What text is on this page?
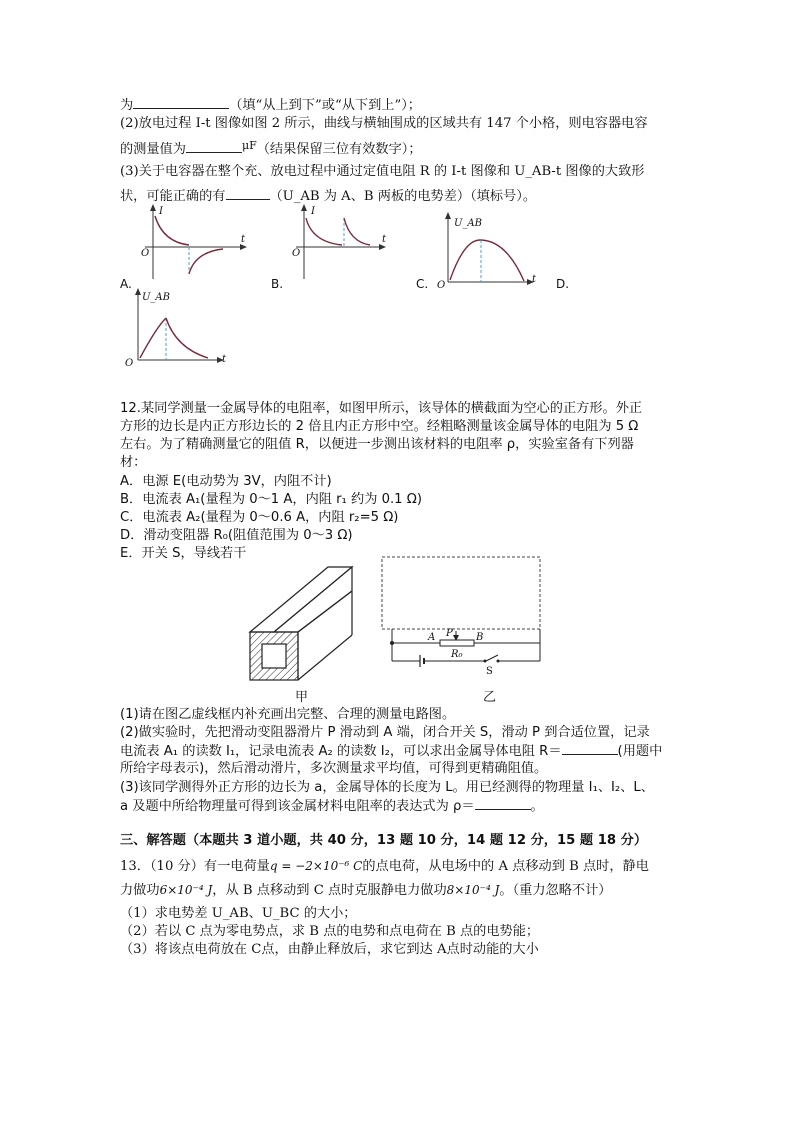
为	（填“从上到下”或“从下到上”）；
(2)放电过程 I-t 图像如图 2 所示，曲线与横轴围成的区域共有 147 个小格，则电容器电容
的测量值为	$^{\mu F}$（结果保留三位有效数字）；
(3)关于电容器在整个充、放电过程中通过定值电阻 R 的 I-t 图像和 U_AB-t 图像的大致形
状，可能正确的有	（U_AB 为 A、B 两板的电势差）（填标号）。
I
O
t
A.
I
O
t
B.
U_AB
O
t
C.	D.
U_AB
O	t
12.某同学测量一金属导体的电阻率，如图甲所示，该导体的横截面为空心的正方形。外正
方形的边长是内正方形边长的 2 倍且内正方形中空。经粗略测量该金属导体的电阻为 5 Ω
左右。为了精确测量它的阻值 R，以便进一步测出该材料的电阻率 ρ，实验室备有下列器
材：
A．电源 E(电动势为 3V，内阻不计)
B．电流表 A₁(量程为 0～1 A，内阻 r₁ 约为 0.1 Ω)
C．电流表 A₂(量程为 0～0.6 A，内阻 r₂=5 Ω)
D．滑动变阻器 R₀(阻值范围为 0～3 Ω)
E．开关 S，导线若干
甲
A P B
R₀
S
乙
(1)请在图乙虚线框内补充画出完整、合理的测量电路图。
(2)做实验时，先把滑动变阻器滑片 P 滑动到 A 端，闭合开关 S，滑动 P 到合适位置，记录
电流表 A₁ 的读数 I₁，记录电流表 A₂ 的读数 I₂，可以求出金属导体电阻 R＝	(用题中
所给字母表示)，然后滑动滑片，多次测量求平均值，可得到更精确阻值。
(3)该同学测得外正方形的边长为 a，金属导体的长度为 L。用已经测得的物理量 I₁、I₂、L、
a 及题中所给物理量可得到该金属材料电阻率的表达式为 ρ＝	。
三、解答题（本题共 3 道小题，共 40 分，13 题 10 分，14 题 12 分，15 题 18 分）
13．（10 分）有一电荷量q = −2×10⁻⁶ C的点电荷，从电场中的 A 点移动到 B 点时，静电
力做功6×10⁻⁴ J，从 B 点移动到 C 点时克服静电力做功8×10⁻⁴ J。（重力忽略不计）
（1）求电势差 U_AB、U_BC 的大小；
（2）若以 C 点为零电势点，求 B 点的电势和点电荷在 B 点的电势能；
（3）将该点电荷放在 C点，由静止释放后，求它到达 A点时动能的大小
